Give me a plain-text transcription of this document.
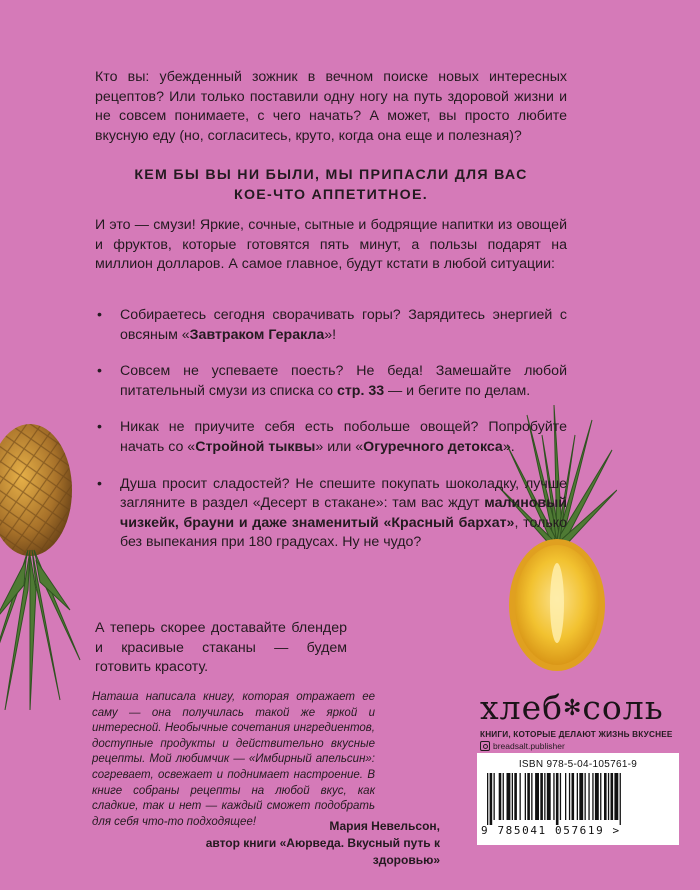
Кто вы: убежденный зожник в вечном поиске новых интересных рецептов? Или только поставили одну ногу на путь здоровой жизни и не совсем понимаете, с чего начать? А может, вы просто любите вкусную еду (но, согласитесь, круто, когда она еще и полезная)?
КЕМ БЫ ВЫ НИ БЫЛИ, МЫ ПРИПАСЛИ ДЛЯ ВАС
КОЕ-ЧТО АППЕТИТНОЕ.
И это — смузи! Яркие, сочные, сытные и бодрящие напитки из овощей и фруктов, которые готовятся пять минут, а пользы подарят на миллион долларов. А самое главное, будут кстати в любой ситуации:
• Собираетесь сегодня сворачивать горы? Зарядитесь энергией с овсяным «Завтраком Геракла»!
• Совсем не успеваете поесть? Не беда! Замешайте любой питательный смузи из списка со стр. 33 — и бегите по делам.
• Никак не приучите себя есть побольше овощей? Попробуйте начать со «Стройной тыквы» или «Огуречного детокса».
• Душа просит сладостей? Не спешите покупать шоколадку, лучше загляните в раздел «Десерт в стакане»: там вас ждут малиновый чизкейк, брауни и даже знаменитый «Красный бархат», только без выпекания при 180 градусах. Ну не чудо?
А теперь скорее доставайте блендер и красивые стаканы — будем готовить красоту.
Наташа написала книгу, которая отражает ее саму — она получилась такой же яркой и интересной. Необычные сочетания ингредиентов, доступные продукты и действительно вкусные рецепты. Мой любимчик — «Имбирный апельсин»: согревает, освежает и поднимает настроение. В книге собраны рецепты на любой вкус, как сладкие, так и нет — каждый сможет подобрать для себя что-то подходящее!	Мария Невельсон,
автор книги «Аюрведа. Вкусный путь к здоровью»
хлеб✻соль
КНИГИ, КОТОРЫЕ ДЕЛАЮТ ЖИЗНЬ ВКУСНЕЕ
breadsalt.publisher
ISBN 978-5-04-105761-9
9 785041 057619 >
